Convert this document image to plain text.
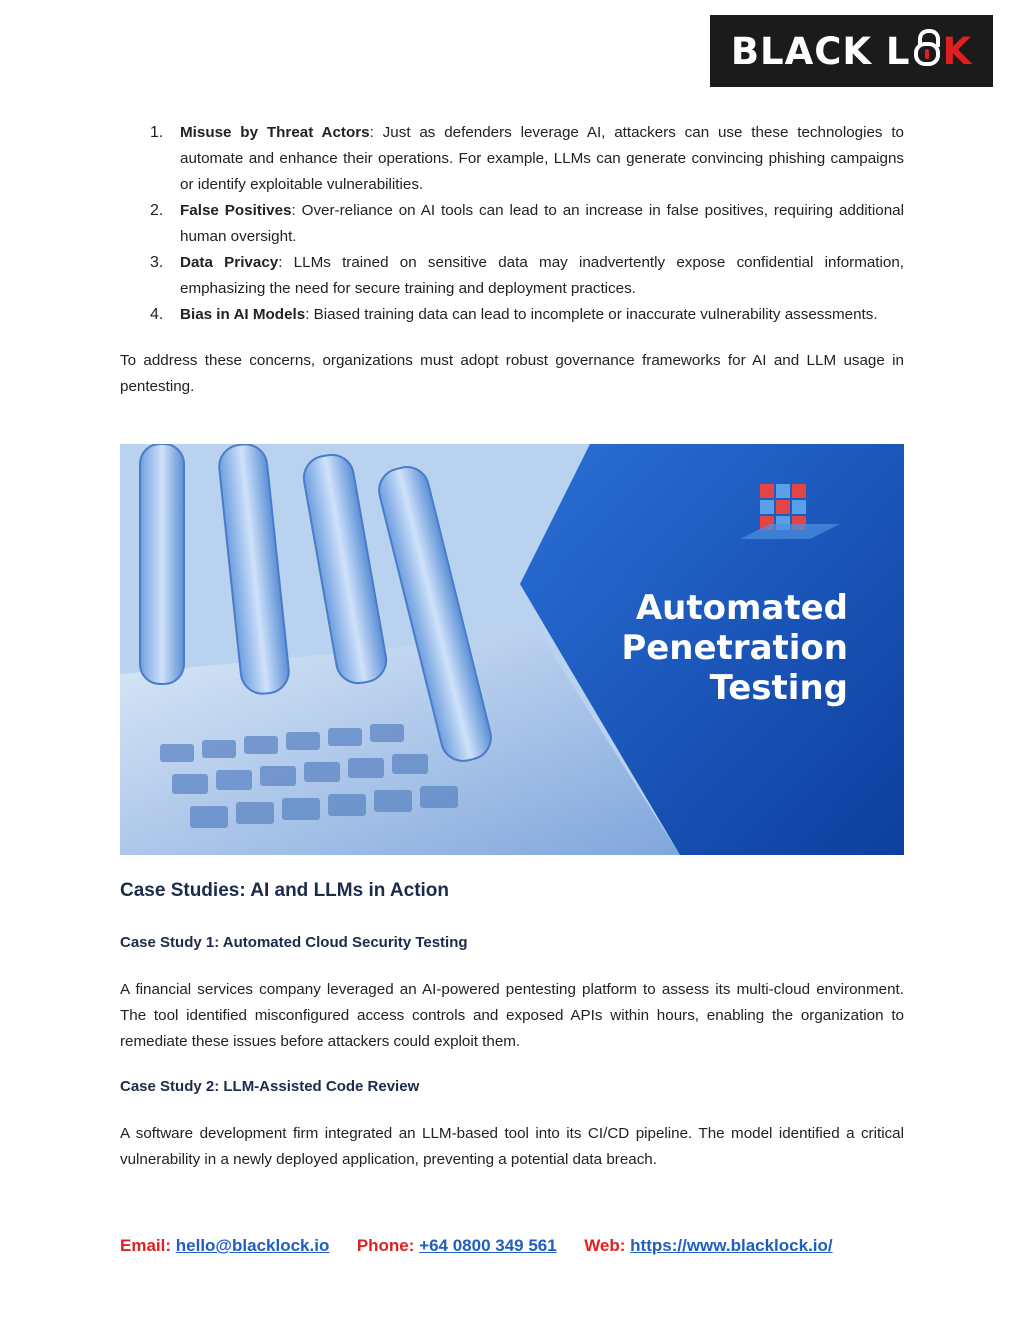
BLACK L K
1. Misuse by Threat Actors: Just as defenders leverage AI, attackers can use these technologies to automate and enhance their operations. For example, LLMs can generate convincing phishing campaigns or identify exploitable vulnerabilities.
2. False Positives: Over-reliance on AI tools can lead to an increase in false positives, requiring additional human oversight.
3. Data Privacy: LLMs trained on sensitive data may inadvertently expose confidential information, emphasizing the need for secure training and deployment practices.
4. Bias in AI Models: Biased training data can lead to incomplete or inaccurate vulnerability assessments.

To address these concerns, organizations must adopt robust governance frameworks for AI and LLM usage in pentesting.

Automated
Penetration
Testing
Case Studies: AI and LLMs in Action
Case Study 1: Automated Cloud Security Testing

A financial services company leveraged an AI-powered pentesting platform to assess its multi-cloud environment. The tool identified misconfigured access controls and exposed APIs within hours, enabling the organization to remediate these issues before attackers could exploit them.

Case Study 2: LLM-Assisted Code Review

A software development firm integrated an LLM-based tool into its CI/CD pipeline. The model identified a critical vulnerability in a newly deployed application, preventing a potential data breach.

Email: hello@blacklock.io Phone: +64 0800 349 561 Web: https://www.blacklock.io/
